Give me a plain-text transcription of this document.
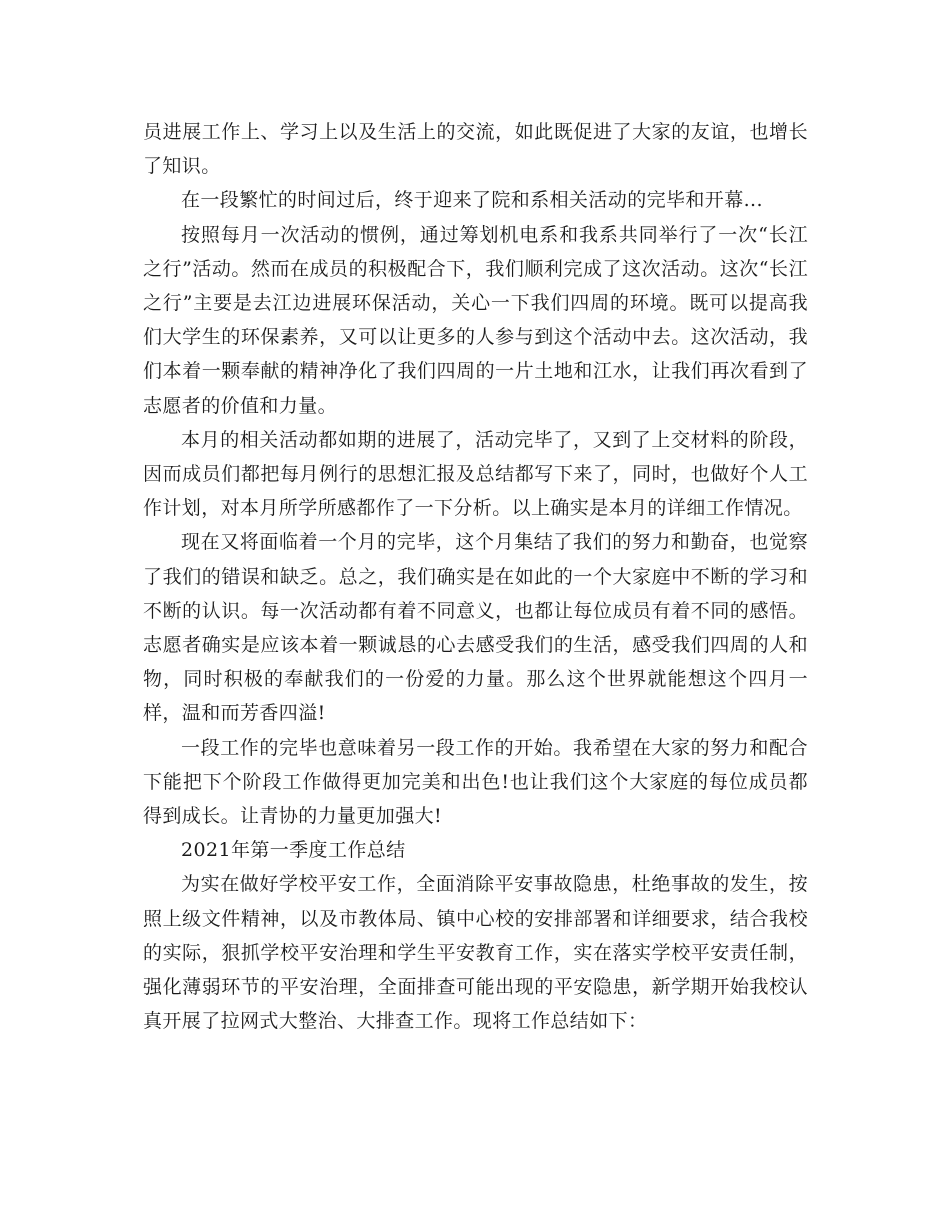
员进展工作上、学习上以及生活上的交流，如此既促进了大家的友谊，也增长了知识。

在一段繁忙的时间过后，终于迎来了院和系相关活动的完毕和开幕...

按照每月一次活动的惯例，通过筹划机电系和我系共同举行了一次“长江之行”活动。然而在成员的积极配合下，我们顺利完成了这次活动。这次“长江之行”主要是去江边进展环保活动，关心一下我们四周的环境。既可以提高我们大学生的环保素养，又可以让更多的人参与到这个活动中去。这次活动，我们本着一颗奉献的精神净化了我们四周的一片土地和江水，让我们再次看到了志愿者的价值和力量。

本月的相关活动都如期的进展了，活动完毕了，又到了上交材料的阶段，因而成员们都把每月例行的思想汇报及总结都写下来了，同时，也做好个人工作计划，对本月所学所感都作了一下分析。以上确实是本月的详细工作情况。

现在又将面临着一个月的完毕，这个月集结了我们的努力和勤奋，也觉察了我们的错误和缺乏。总之，我们确实是在如此的一个大家庭中不断的学习和不断的认识。每一次活动都有着不同意义，也都让每位成员有着不同的感悟。志愿者确实是应该本着一颗诚恳的心去感受我们的生活，感受我们四周的人和物，同时积极的奉献我们的一份爱的力量。那么这个世界就能想这个四月一样，温和而芳香四溢!

一段工作的完毕也意味着另一段工作的开始。我希望在大家的努力和配合下能把下个阶段工作做得更加完美和出色!也让我们这个大家庭的每位成员都得到成长。让青协的力量更加强大!

2021年第一季度工作总结

为实在做好学校平安工作，全面消除平安事故隐患，杜绝事故的发生，按照上级文件精神，以及市教体局、镇中心校的安排部署和详细要求，结合我校的实际，狠抓学校平安治理和学生平安教育工作，实在落实学校平安责任制，强化薄弱环节的平安治理，全面排查可能出现的平安隐患，新学期开始我校认真开展了拉网式大整治、大排查工作。现将工作总结如下：
